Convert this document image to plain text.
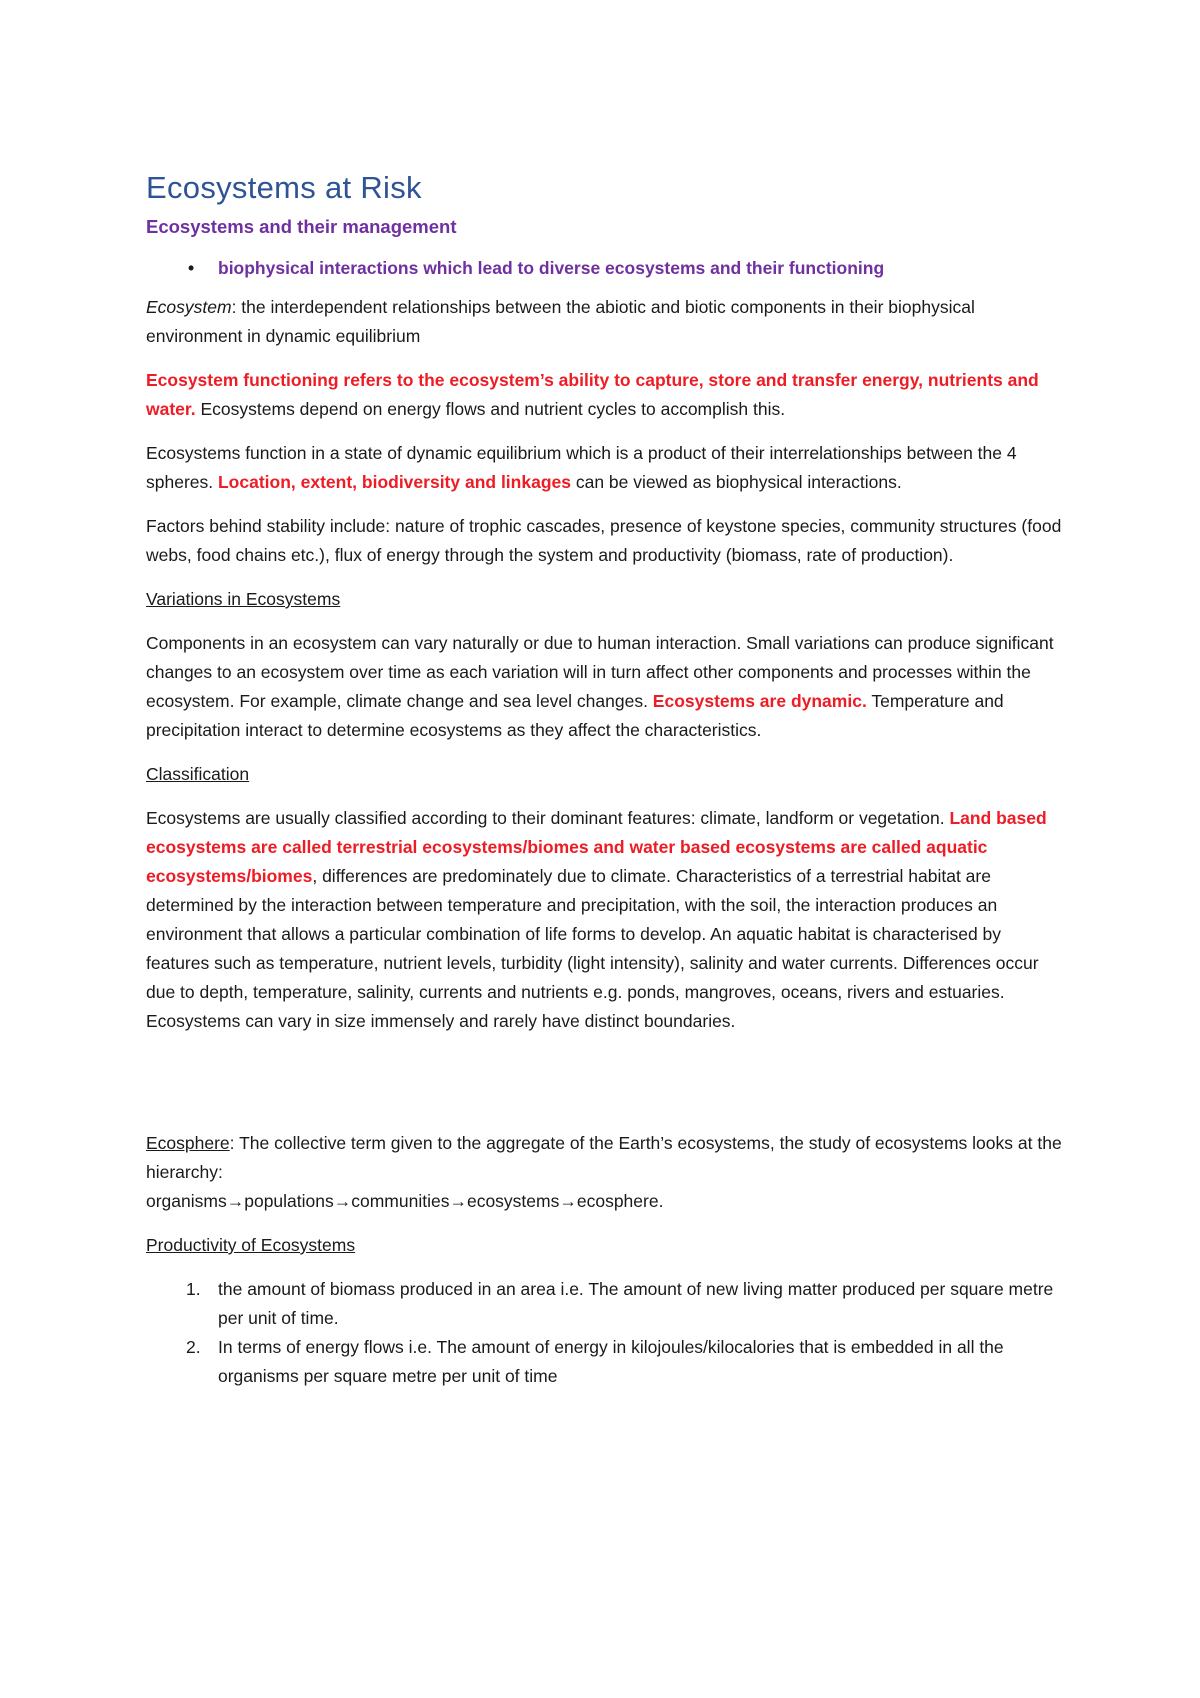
Ecosystems at Risk
Ecosystems and their management
• biophysical interactions which lead to diverse ecosystems and their functioning

Ecosystem: the interdependent relationships between the abiotic and biotic components in their biophysical environment in dynamic equilibrium

Ecosystem functioning refers to the ecosystem’s ability to capture, store and transfer energy, nutrients and water. Ecosystems depend on energy flows and nutrient cycles to accomplish this.

Ecosystems function in a state of dynamic equilibrium which is a product of their interrelationships between the 4 spheres. Location, extent, biodiversity and linkages can be viewed as biophysical interactions.

Factors behind stability include: nature of trophic cascades, presence of keystone species, community structures (food webs, food chains etc.), flux of energy through the system and productivity (biomass, rate of production).

Variations in Ecosystems

Components in an ecosystem can vary naturally or due to human interaction. Small variations can produce significant changes to an ecosystem over time as each variation will in turn affect other components and processes within the ecosystem. For example, climate change and sea level changes. Ecosystems are dynamic. Temperature and precipitation interact to determine ecosystems as they affect the characteristics.

Classification

Ecosystems are usually classified according to their dominant features: climate, landform or vegetation. Land based ecosystems are called terrestrial ecosystems/biomes and water based ecosystems are called aquatic ecosystems/biomes, differences are predominately due to climate. Characteristics of a terrestrial habitat are determined by the interaction between temperature and precipitation, with the soil, the interaction produces an environment that allows a particular combination of life forms to develop. An aquatic habitat is characterised by features such as temperature, nutrient levels, turbidity (light intensity), salinity and water currents. Differences occur due to depth, temperature, salinity, currents and nutrients e.g. ponds, mangroves, oceans, rivers and estuaries. Ecosystems can vary in size immensely and rarely have distinct boundaries.

Ecosphere: The collective term given to the aggregate of the Earth’s ecosystems, the study of ecosystems looks at the hierarchy:
organisms→populations→communities→ecosystems→ecosphere.

Productivity of Ecosystems

1. the amount of biomass produced in an area i.e. The amount of new living matter produced per square metre per unit of time.
2. In terms of energy flows i.e. The amount of energy in kilojoules/kilocalories that is embedded in all the organisms per square metre per unit of time
